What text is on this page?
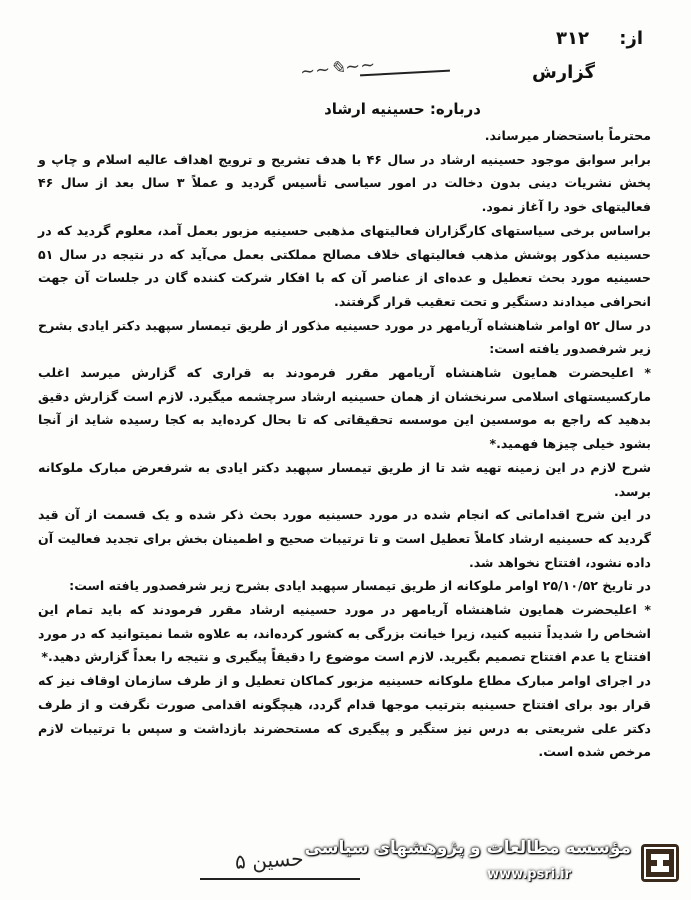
از: ۳۱۲
گزارش
~~✎~~
درباره: حسینیه ارشاد

محترماً باستحضار میرساند.

برابر سوابق موجود حسینیه ارشاد در سال ۴۶ با هدف تشریح و ترویج اهداف عالیه اسلام و چاپ و پخش نشریات دینی بدون دخالت در امور سیاسی تأسیس گردید و عملاً ۳ سال بعد از سال ۴۶ فعالیتهای خود را آغاز نمود.

براساس برخی سیاستهای کارگزاران فعالیتهای مذهبی حسینیه مزبور بعمل آمد، معلوم گردید که در حسینیه مذکور پوشش مذهب فعالیتهای خلاف مصالح مملکتی بعمل می‌آید که در نتیجه در سال ۵۱ حسینیه مورد بحث تعطیل و عده‌ای از عناصر آن که با افکار شرکت کننده گان در جلسات آن جهت انحرافی میدادند دستگیر و تحت تعقیب قرار گرفتند.

در سال ۵۲ اوامر شاهنشاه آریامهر در مورد حسینیه مذکور از طریق تیمسار سپهبد دکتر ایادی بشرح زیر شرفصدور یافته است:

* اعلیحضرت همایون شاهنشاه آریامهر مقرر فرمودند به قراری که گزارش میرسد اغلب مارکسیستهای اسلامی سرنخشان از همان حسینیه ارشاد سرچشمه میگیرد. لازم است گزارش دقیق بدهید که راجع به موسسین این موسسه تحقیقاتی که تا بحال کرده‌اید به کجا رسیده شاید از آنجا بشود خیلی چیزها فهمید.*

شرح لازم در این زمینه تهیه شد تا از طریق تیمسار سپهبد دکتر ایادی به شرفعرض مبارک ملوکانه برسد.

در این شرح اقداماتی که انجام شده در مورد حسینیه مورد بحث ذکر شده و یک قسمت از آن قید گردید که حسینیه ارشاد کاملاً تعطیل است و تا ترتیبات صحیح و اطمینان بخش برای تجدید فعالیت آن داده نشود، افتتاح نخواهد شد.

در تاریخ ۲۵/۱۰/۵۲ اوامر ملوکانه از طریق تیمسار سپهبد ایادی بشرح زیر شرفصدور یافته است:

* اعلیحضرت همایون شاهنشاه آریامهر در مورد حسینیه ارشاد مقرر فرمودند که باید تمام این اشخاص را شدیداً تنبیه کنید، زیرا خیانت بزرگی به کشور کرده‌اند، به علاوه شما نمیتوانید که در مورد افتتاح یا عدم افتتاح تصمیم بگیرید. لازم است موضوع را دقیقاً پیگیری و نتیجه را بعداً گزارش دهید.*

در اجرای اوامر مبارک مطاع ملوکانه حسینیه مزبور کماکان تعطیل و از طرف سازمان اوقاف نیز که قرار بود برای افتتاح حسینیه بترتیب موجها قدام گردد، هیچگونه اقدامی صورت نگرفت و از طرف دکتر علی شریعتی به درس نیز ستگیر و پیگیری که مستحضرند بازداشت و سپس با ترتیبات لازم مرخص شده است.

ﺣﺴﯿﻦ ۵ مؤسسه مطالعات و پژوهشهای سیاسی
www.psri.ir
